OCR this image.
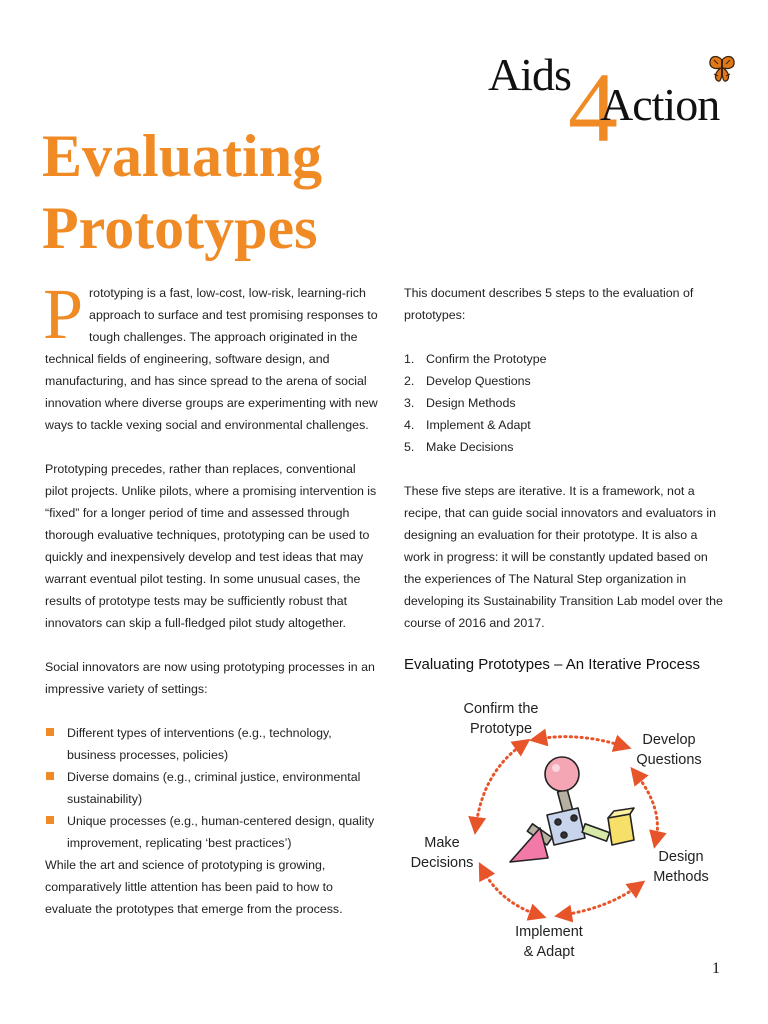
Aids
4
Action
Evaluating
Prototypes

Prototyping is a fast, low-cost, low-risk, learning-rich approach to surface and test promising responses to tough challenges. The approach originated in the technical fields of engineering, software design, and manufacturing, and has since spread to the arena of social innovation where diverse groups are experimenting with new ways to tackle vexing social and environmental challenges.

Prototyping precedes, rather than replaces, conventional pilot projects. Unlike pilots, where a promising intervention is “fixed” for a longer period of time and assessed through thorough evaluative techniques, prototyping can be used to quickly and inexpensively develop and test ideas that may warrant eventual pilot testing. In some unusual cases, the results of prototype tests may be sufficiently robust that innovators can skip a full-fledged pilot study altogether.

Social innovators are now using prototyping processes in an impressive variety of settings:

Different types of interventions (e.g., technology, business processes, policies)
Diverse domains (e.g., criminal justice, environmental sustainability)
Unique processes (e.g., human-centered design, quality improvement, replicating ‘best practices’)

While the art and science of prototyping is growing, comparatively little attention has been paid to how to evaluate the prototypes that emerge from the process.

This document describes 5 steps to the evaluation of prototypes:

1. Confirm the Prototype
2. Develop Questions
3. Design Methods
4. Implement & Adapt
5. Make Decisions

These five steps are iterative. It is a framework, not a recipe, that can guide social innovators and evaluators in designing an evaluation for their prototype. It is also a work in progress: it will be constantly updated based on the experiences of The Natural Step organization in developing its Sustainability Transition Lab model over the course of 2016 and 2017.

Evaluating Prototypes – An Iterative Process
Confirm the
Prototype
Develop
Questions
Design
Methods
Implement
& Adapt
Make
Decisions
1
